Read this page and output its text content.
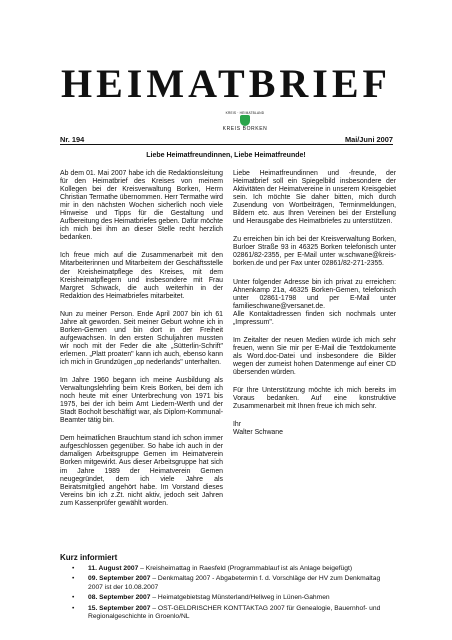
HEIMATBRIEF
KREIS · HEIMATBLAND
KREIS BORKEN
Nr. 194	Mai/Juni 2007
Liebe Heimatfreundinnen, Liebe Heimatfreunde!

Ab dem 01. Mai 2007 habe ich die Redaktionsleitung für den Heimatbrief des Kreises von meinem Kollegen bei der Kreisverwaltung Borken, Herrn Christian Termathe übernommen. Herr Termathe wird mir in den nächsten Wochen sicherlich noch viele Hinweise und Tipps für die Gestaltung und Aufbereitung des Heimatbriefes geben. Dafür möchte ich mich bei ihm an dieser Stelle recht herzlich bedanken.

Ich freue mich auf die Zusammenarbeit mit den Mitarbeiterinnen und Mitarbeitern der Geschäftsstelle der Kreisheimatpflege des Kreises, mit dem Kreisheimatpflegern und insbesondere mit Frau Margret Schwack, die auch weiterhin in der Redaktion des Heimatbriefes mitarbeitet.

Nun zu meiner Person. Ende April 2007 bin ich 61 Jahre alt geworden. Seit meiner Geburt wohne ich in Borken-Gemen und bin dort in der Freiheit aufgewachsen. In den ersten Schuljahren mussten wir noch mit der Feder die alte „Sütterlin-Schrift" erlernen. „Platt proaten" kann ich auch, ebenso kann ich mich in Grundzügen „op nederlands" unterhalten.

Im Jahre 1960 begann ich meine Ausbildung als Verwaltungslehrling beim Kreis Borken, bei dem ich noch heute mit einer Unterbrechung von 1971 bis 1975, bei der ich beim Amt Liedern-Werth und der Stadt Bocholt beschäftigt war, als Diplom-Kommunal-Beamter tätig bin.

Dem heimatlichen Brauchtum stand ich schon immer aufgeschlossen gegenüber. So habe ich auch in der damaligen Arbeitsgruppe Gemen im Heimatverein Borken mitgewirkt. Aus dieser Arbeitsgruppe hat sich im Jahre 1989 der Heimatverein Gemen neugegründet, dem ich viele Jahre als Beiratsmitglied angehört habe. Im Vorstand dieses Vereins bin ich z.Zt. nicht aktiv, jedoch seit Jahren zum Kassenprüfer gewählt worden.

Liebe Heimatfreundinnen und -freunde, der Heimatbrief soll ein Spiegelbild insbesondere der Aktivitäten der Heimatvereine in unserem Kreisgebiet sein. Ich möchte Sie daher bitten, mich durch Zusendung von Wortbeiträgen, Terminmeldungen, Bildern etc. aus Ihren Vereinen bei der Erstellung und Herausgabe des Heimatbriefes zu unterstützen.

Zu erreichen bin ich bei der Kreisverwaltung Borken, Burloer Straße 93 in 46325 Borken telefonisch unter 02861/82-2355, per E-Mail unter w.schwane@kreis-borken.de und per Fax unter 02861/82-271-2355.

Unter folgender Adresse bin ich privat zu erreichen: Ahnenkamp 21a, 46325 Borken-Gemen, telefonisch unter 02861-1798 und per E-Mail unter familieschwane@versanet.de.

Alle Kontaktadressen finden sich nochmals unter „Impressum".

Im Zeitalter der neuen Medien würde ich mich sehr freuen, wenn Sie mir per E-Mail die Textdokumente als Word.doc-Datei und insbesondere die Bilder wegen der zumeist hohen Datenmenge auf einer CD übersenden würden.

Für Ihre Unterstützung möchte ich mich bereits im Voraus bedanken. Auf eine konstruktive Zusammenarbeit mit Ihnen freue ich mich sehr.

Ihr

Walter Schwane

Kurz informiert
• 11. August 2007 – Kreisheimattag in Raesfeld (Programmablauf ist als Anlage beigefügt)
• 09. September 2007 – Denkmaltag 2007 - Abgabetermin f. d. Vorschläge der HV zum Denkmaltag 2007 ist der 10.08.2007
• 08. September 2007 – Heimatgebietstag Münsterland/Hellweg in Lünen-Gahmen
• 15. September 2007 – OST-GELDRISCHER KONTTAKTAG 2007 für Genealogie, Bauernhof- und Regionalgeschichte in Groenlo/NL
